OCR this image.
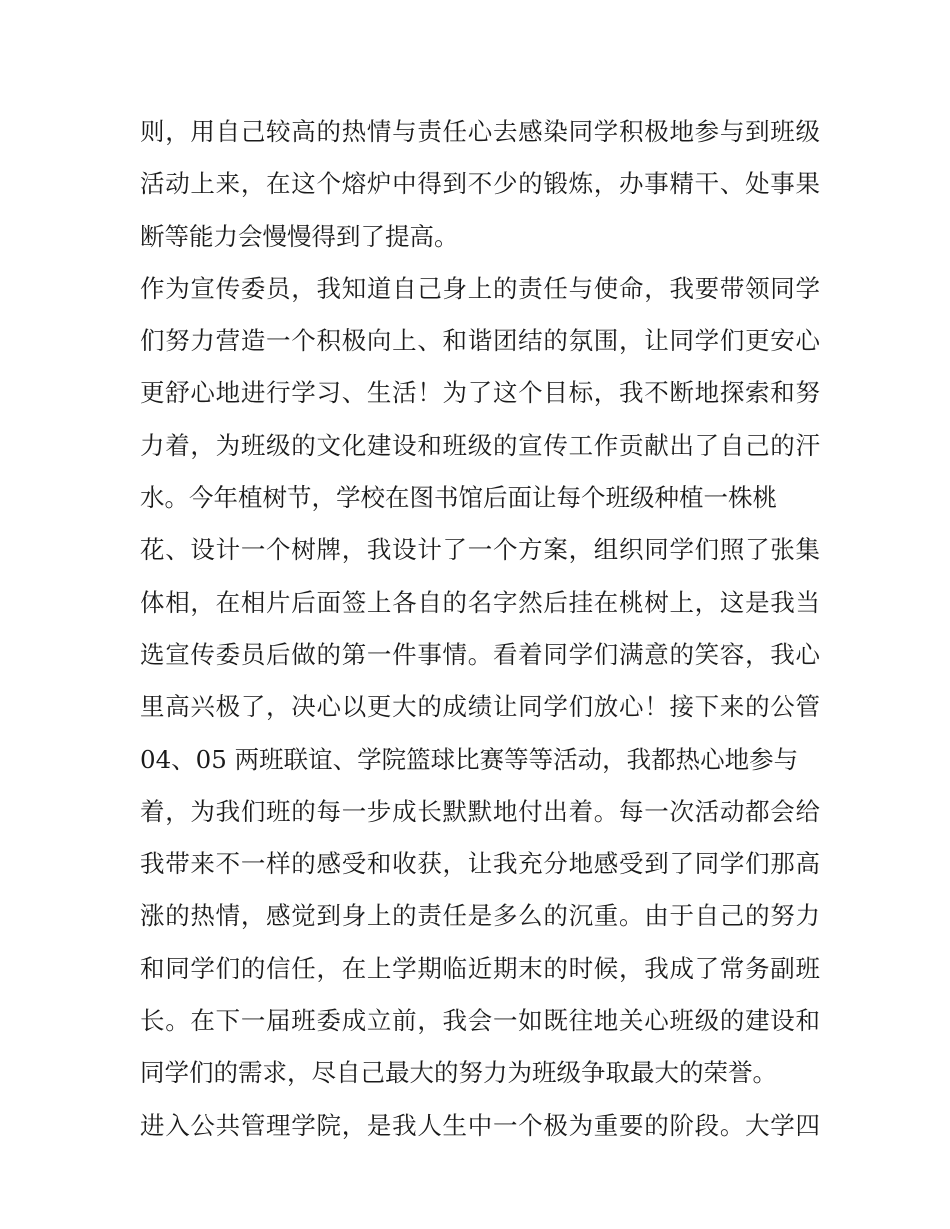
则，用自己较高的热情与责任心去感染同学积极地参与到班级
活动上来，在这个熔炉中得到不少的锻炼，办事精干、处事果
断等能力会慢慢得到了提高。
作为宣传委员，我知道自己身上的责任与使命，我要带领同学
们努力营造一个积极向上、和谐团结的氛围，让同学们更安心
更舒心地进行学习、生活！为了这个目标，我不断地探索和努
力着，为班级的文化建设和班级的宣传工作贡献出了自己的汗
水。今年植树节，学校在图书馆后面让每个班级种植一株桃
花、设计一个树牌，我设计了一个方案，组织同学们照了张集
体相，在相片后面签上各自的名字然后挂在桃树上，这是我当
选宣传委员后做的第一件事情。看着同学们满意的笑容，我心
里高兴极了，决心以更大的成绩让同学们放心！接下来的公管
04、05 两班联谊、学院篮球比赛等等活动，我都热心地参与
着，为我们班的每一步成长默默地付出着。每一次活动都会给
我带来不一样的感受和收获，让我充分地感受到了同学们那高
涨的热情，感觉到身上的责任是多么的沉重。由于自己的努力
和同学们的信任，在上学期临近期末的时候，我成了常务副班
长。在下一届班委成立前，我会一如既往地关心班级的建设和
同学们的需求，尽自己最大的努力为班级争取最大的荣誉。
进入公共管理学院，是我人生中一个极为重要的阶段。大学四
